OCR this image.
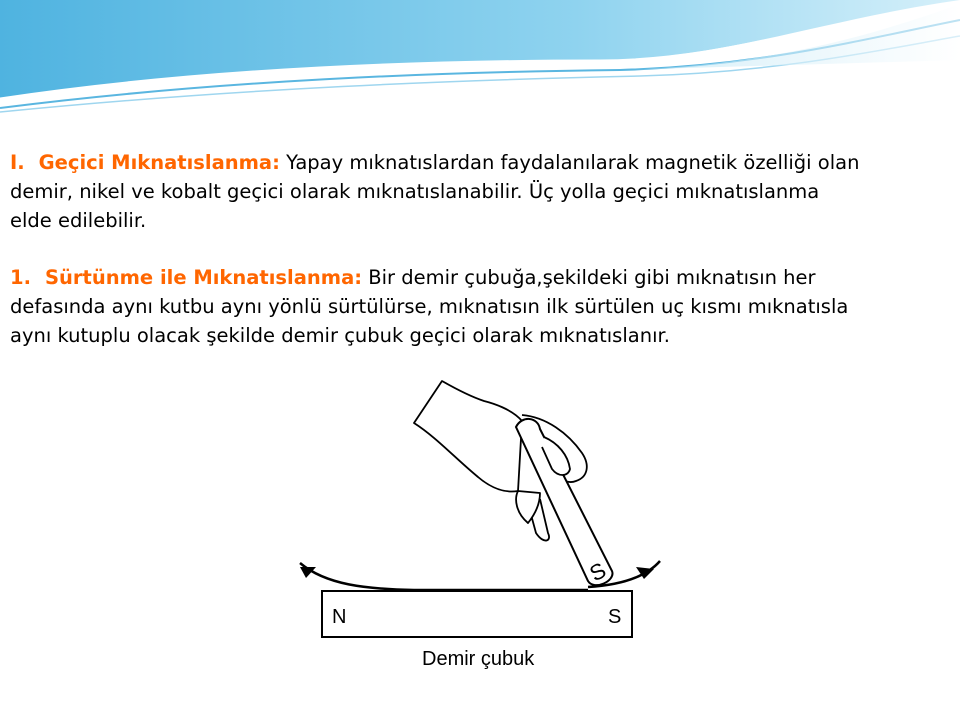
I. Geçici Mıknatıslanma: Yapay mıknatıslardan faydalanılarak magnetik özelliği olan
demir, nikel ve kobalt geçici olarak mıknatıslanabilir. Üç yolla geçici mıknatıslanma
elde edilebilir.
1. Sürtünme ile Mıknatıslanma: Bir demir çubuğa,şekildeki gibi mıknatısın her
defasında aynı kutbu aynı yönlü sürtülürse, mıknatısın ilk sürtülen uç kısmı mıknatısla
aynı kutuplu olacak şekilde demir çubuk geçici olarak mıknatıslanır.
N	S
Demir çubuk
S
